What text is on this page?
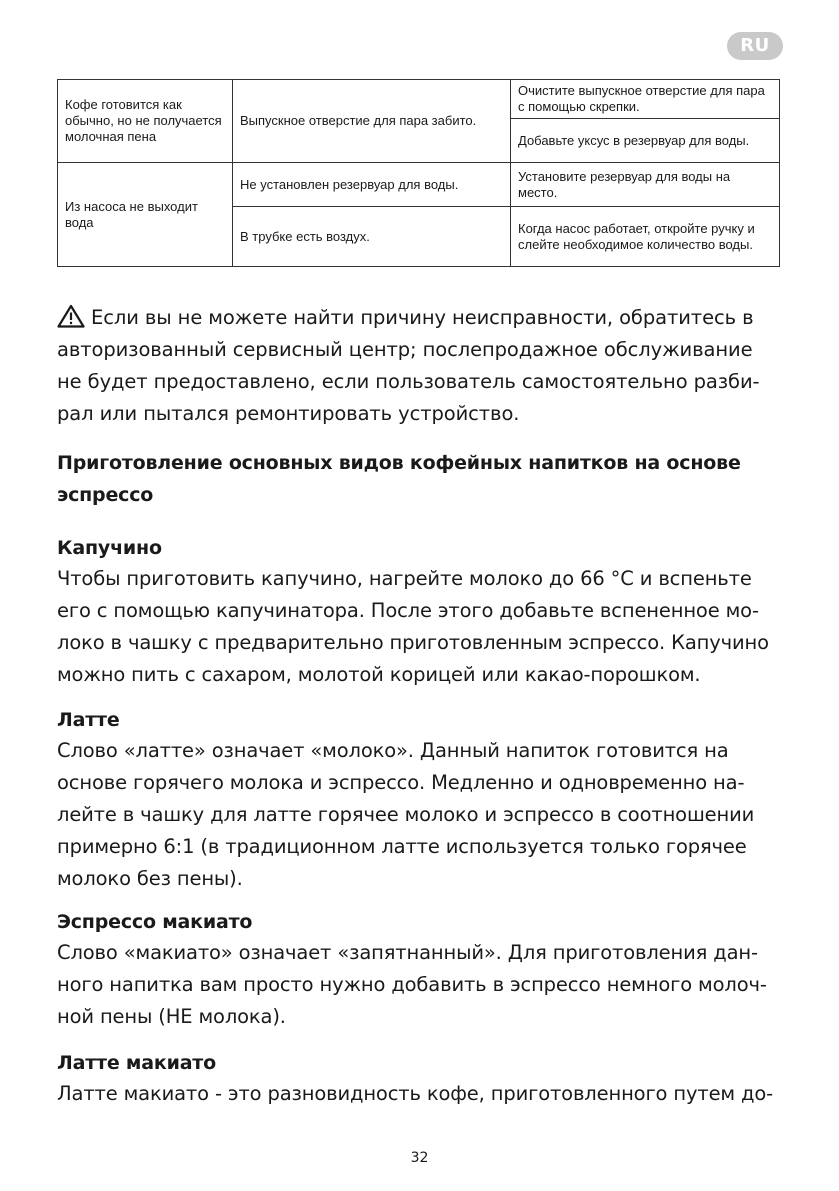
RU
Кофе готовится как обычно, но не получается молочная пена	Выпускное отверстие для пара забито.	Очистите выпускное отверстие для пара с помощью скрепки.
		Добавьте уксус в резервуар для воды.
Из насоса не выходит вода	Не установлен резервуар для воды.	Установите резервуар для воды на место.
	В трубке есть воздух.	Когда насос работает, откройте ручку и слейте необходимое количество воды.
Если вы не можете найти причину неисправности, обратитесь в
авторизованный сервисный центр; послепродажное обслуживание
не будет предоставлено, если пользователь самостоятельно разби-
рал или пытался ремонтировать устройство.
Приготовление основных видов кофейных напитков на основе
эспрессо
Капучино
Чтобы приготовить капучино, нагрейте молоко до 66 °С и вспеньте
его с помощью капучинатора. После этого добавьте вспененное мо-
локо в чашку с предварительно приготовленным эспрессо. Капучино
можно пить с сахаром, молотой корицей или какао-порошком.
Латте
Слово «латте» означает «молоко». Данный напиток готовится на
основе горячего молока и эспрессо. Медленно и одновременно на-
лейте в чашку для латте горячее молоко и эспрессо в соотношении
примерно 6:1 (в традиционном латте используется только горячее
молоко без пены).
Эспрессо макиато
Слово «макиато» означает «запятнанный». Для приготовления дан-
ного напитка вам просто нужно добавить в эспрессо немного молоч-
ной пены (НЕ молока).
Латте макиато
Латте макиато - это разновидность кофе, приготовленного путем до-
32
